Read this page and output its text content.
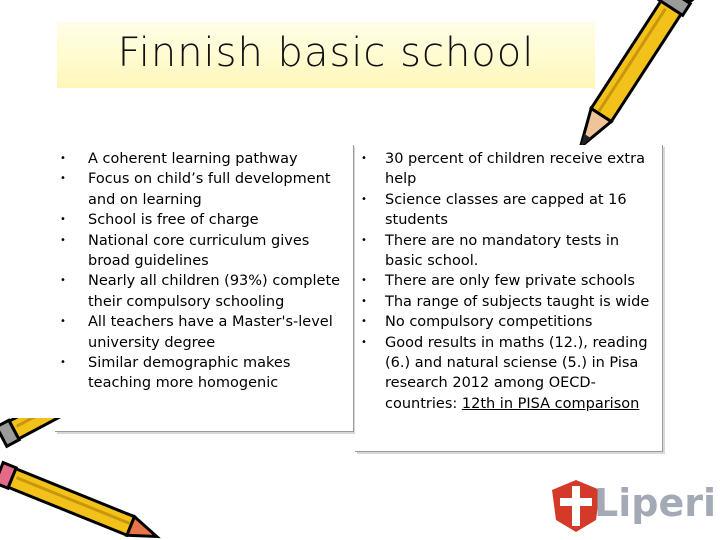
Finnish basic school
• A coherent learning pathway
• Focus on child’s full development and on learning
• School is free of charge
• National core curriculum gives broad guidelines
• Nearly all children (93%) complete their compulsory schooling
• All teachers have a Master's-level university degree
• Similar demographic makes teaching more homogenic
• 30 percent of children receive extra help
• Science classes are capped at 16 students
• There are no mandatory tests in basic school.
• There are only few private schools
• Tha range of subjects taught is wide
• No compulsory competitions
• Good results in maths (12.), reading (6.) and natural sciense (5.) in Pisa research 2012 among OECD-countries: 12th in PISA comparison
Liperi
